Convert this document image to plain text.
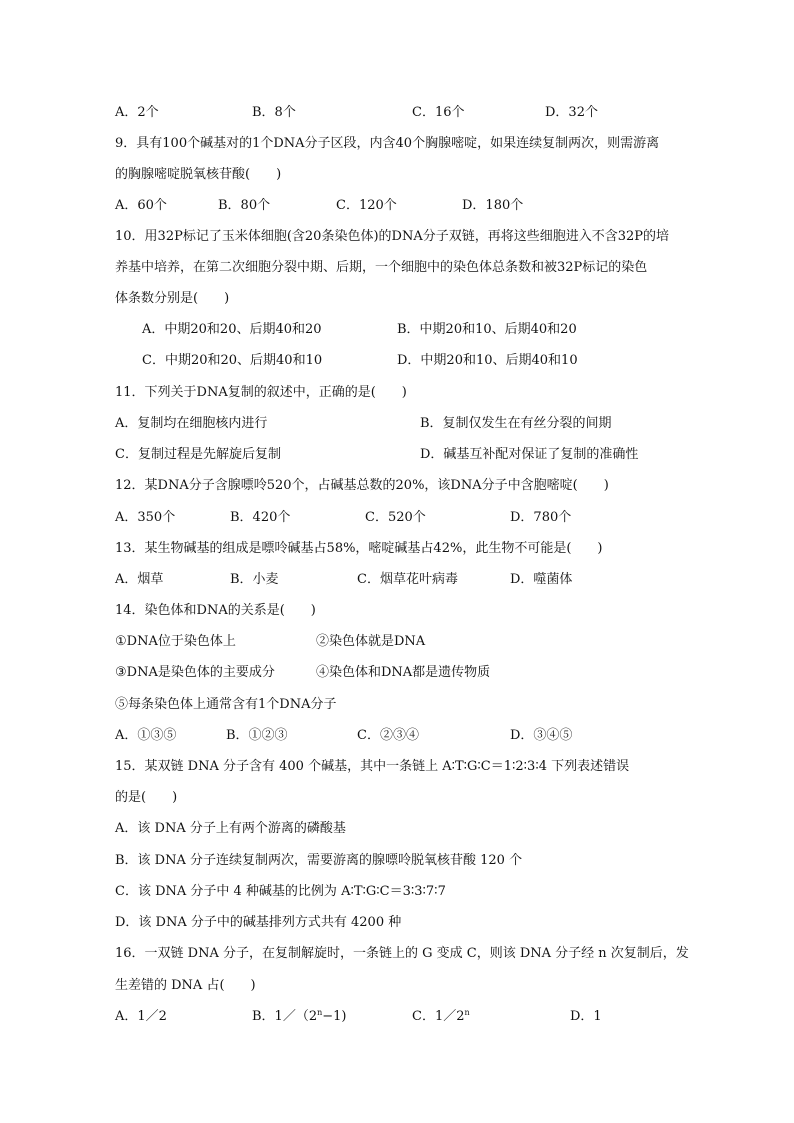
A．2个	B．8个	C．16个	D．32个
9．具有100个碱基对的1个DNA分子区段，内含40个胸腺嘧啶，如果连续复制两次，则需游离
的胸腺嘧啶脱氧核苷酸(　　)
A．60个	B．80个	C．120个	D．180个
10．用32P标记了玉米体细胞(含20条染色体)的DNA分子双链，再将这些细胞进入不含32P的培
养基中培养，在第二次细胞分裂中期、后期，一个细胞中的染色体总条数和被32P标记的染色
体条数分别是(　　)
A．中期20和20、后期40和20	B．中期20和10、后期40和20
C．中期20和20、后期40和10	D．中期20和10、后期40和10
11．下列关于DNA复制的叙述中，正确的是(　　)
A．复制均在细胞核内进行	B．复制仅发生在有丝分裂的间期
C．复制过程是先解旋后复制	D．碱基互补配对保证了复制的准确性
12．某DNA分子含腺嘌呤520个，占碱基总数的20%，该DNA分子中含胞嘧啶(　　)
A．350个	B．420个	C．520个	D．780个
13．某生物碱基的组成是嘌呤碱基占58%，嘧啶碱基占42%，此生物不可能是(　　)
A．烟草	B．小麦	C．烟草花叶病毒	D．噬菌体
14．染色体和DNA的关系是(　　)
①DNA位于染色体上	②染色体就是DNA
③DNA是染色体的主要成分	④染色体和DNA都是遗传物质
⑤每条染色体上通常含有1个DNA分子
A．①③⑤	B．①②③	C．②③④	D．③④⑤
15．某双链 DNA 分子含有 400 个碱基，其中一条链上 A∶T∶G∶C＝1∶2∶3∶4 下列表述错误
的是(　　)
A．该 DNA 分子上有两个游离的磷酸基
B．该 DNA 分子连续复制两次，需要游离的腺嘌呤脱氧核苷酸 120 个
C．该 DNA 分子中 4 种碱基的比例为 A∶T∶G∶C＝3∶3∶7∶7
D．该 DNA 分子中的碱基排列方式共有 4200 种
16．一双链 DNA 分子，在复制解旋时，一条链上的 G 变成 C，则该 DNA 分子经 n 次复制后，发
生差错的 DNA 占(　　)
A．1／2	B．$1/(2^n-1)$	C．1／2$^n$	D．1
